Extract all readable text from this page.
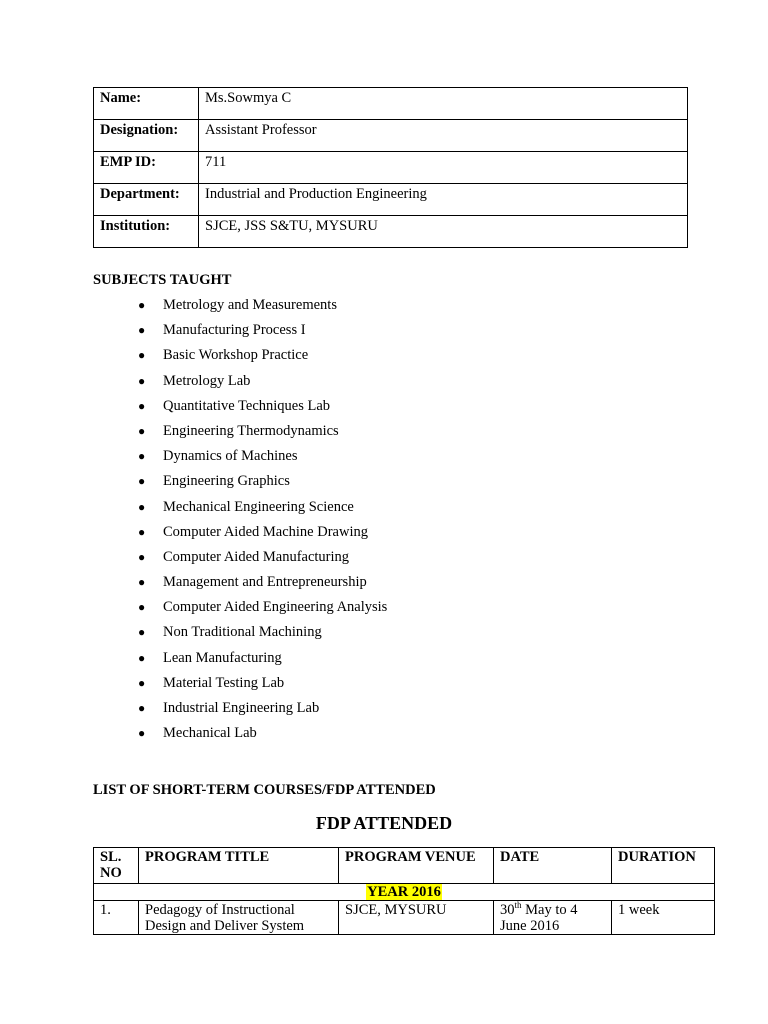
Name:	Ms.Sowmya C
Designation:	Assistant Professor
EMP ID:	711
Department:	Industrial and Production Engineering
Institution:	SJCE, JSS S&TU, MYSURU
SUBJECTS TAUGHT
● Metrology and Measurements
● Manufacturing Process I
● Basic Workshop Practice
● Metrology Lab
● Quantitative Techniques Lab
● Engineering Thermodynamics
● Dynamics of Machines
● Engineering Graphics
● Mechanical Engineering Science
● Computer Aided Machine Drawing
● Computer Aided Manufacturing
● Management and Entrepreneurship
● Computer Aided Engineering Analysis
● Non Traditional Machining
● Lean Manufacturing
● Material Testing Lab
● Industrial Engineering Lab
● Mechanical Lab
LIST OF SHORT-TERM COURSES/FDP ATTENDED
FDP ATTENDED
SL. NO	PROGRAM TITLE	PROGRAM VENUE	DATE	DURATION
YEAR 2016				
1.	Pedagogy of Instructional Design and Deliver System	SJCE, MYSURU	30th May to 4 June 2016	1 week
